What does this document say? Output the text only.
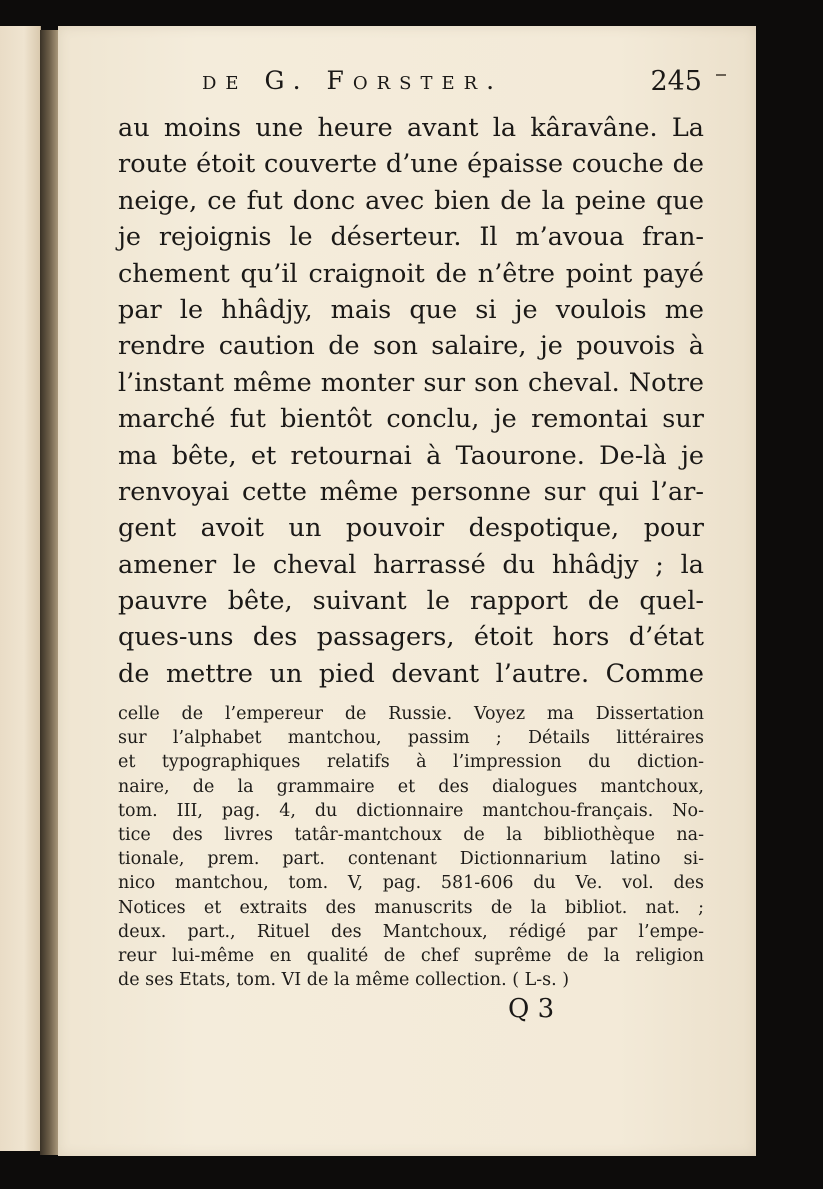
de G. Forster.	245
au moins une heure avant la kâravâne. La
route étoit couverte d’une épaisse couche de
neige, ce fut donc avec bien de la peine que
je rejoignis le déserteur. Il m’avoua fran-
chement qu’il craignoit de n’être point payé
par le hhâdjy, mais que si je voulois me
rendre caution de son salaire, je pouvois à
l’instant même monter sur son cheval. Notre
marché fut bientôt conclu, je remontai sur
ma bête, et retournai à Taourone. De-là je
renvoyai cette même personne sur qui l’ar-
gent avoit un pouvoir despotique, pour
amener le cheval harrassé du hhâdjy ; la
pauvre bête, suivant le rapport de quel-
ques-uns des passagers, étoit hors d’état
de mettre un pied devant l’autre. Comme
celle de l’empereur de Russie. Voyez ma Dissertation
sur l’alphabet mantchou, passim ; Détails littéraires
et typographiques relatifs à l’impression du diction-
naire, de la grammaire et des dialogues mantchoux,
tom. III, pag. 4, du dictionnaire mantchou-français. No-
tice des livres tatâr-mantchoux de la bibliothèque na-
tionale, prem. part. contenant Dictionnarium latino si-
nico mantchou, tom. V, pag. 581-606 du Ve. vol. des
Notices et extraits des manuscrits de la bibliot. nat. ;
deux. part., Rituel des Mantchoux, rédigé par l’empe-
reur lui-même en qualité de chef suprême de la religion
de ses Etats, tom. VI de la même collection. ( L-s. )
Q 3
